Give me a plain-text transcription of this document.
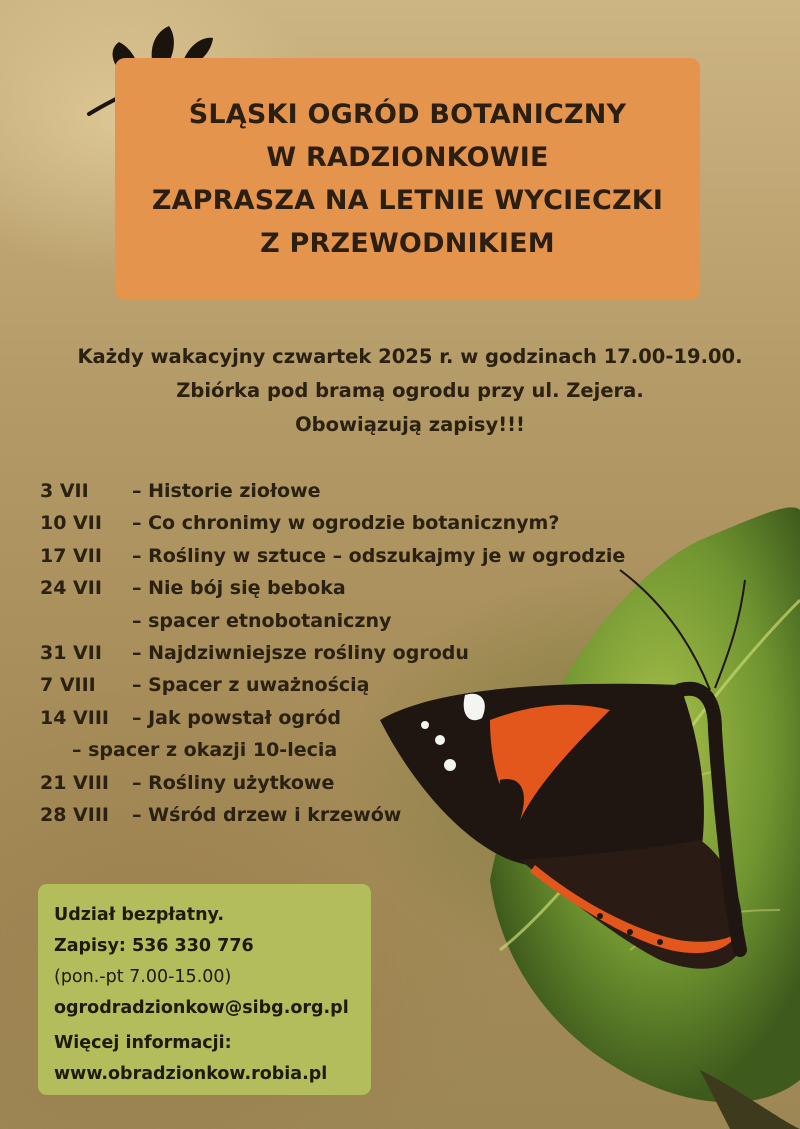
ŚLĄSKI OGRÓD BOTANICZNY
W RADZIONKOWIE
ZAPRASZA NA LETNIE WYCIECZKI
Z PRZEWODNIKIEM
Każdy wakacyjny czwartek 2025 r. w godzinach 17.00-19.00.
Zbiórka pod bramą ogrodu przy ul. Zejera.
Obowiązują zapisy!!!
3 VII	– Historie ziołowe
10 VII	– Co chronimy w ogrodzie botanicznym?
17 VII	– Rośliny w sztuce – odszukajmy je w ogrodzie
24 VII	– Nie bój się beboka
– spacer etnobotaniczny
31 VII	– Najdziwniejsze rośliny ogrodu
7 VIII	– Spacer z uważnością
14 VIII	– Jak powstał ogród
– spacer z okazji 10-lecia
21 VIII	– Rośliny użytkowe
28 VIII	– Wśród drzew i krzewów
Udział bezpłatny.
Zapisy: 536 330 776
(pon.-pt 7.00-15.00)
ogrodradzionkow@sibg.org.pl
Więcej informacji:
www.obradzionkow.robia.pl
